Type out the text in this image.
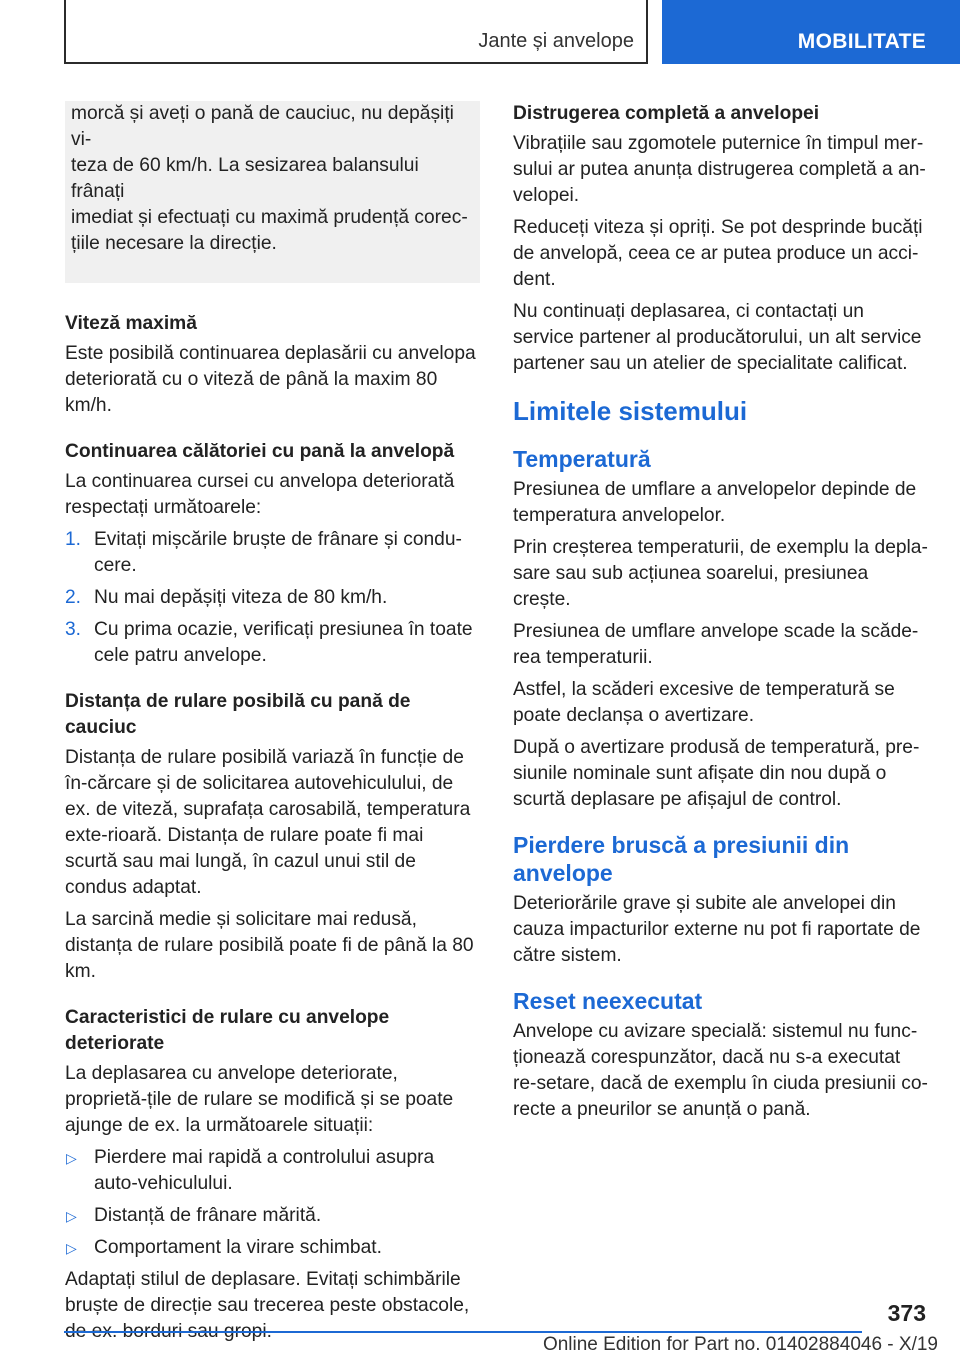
Jante și anvelope	MOBILITATE

morcă și aveți o pană de cauciuc, nu depășiți vi-

teza de 60 km/h. La sesizarea balansului frânați

imediat și efectuați cu maximă prudență corec-

țiile necesare la direcție.

Viteză maximă

Este posibilă continuarea deplasării cu anvelopa deteriorată cu o viteză de până la maxim 80 km/h.

Continuarea călătoriei cu pană la anvelopă

La continuarea cursei cu anvelopa deteriorată respectați următoarele:

1. Evitați mișcările bruște de frânare și condu-cere.
2. Nu mai depășiți viteza de 80 km/h.
3. Cu prima ocazie, verificați presiunea în toate cele patru anvelope.
Distanța de rulare posibilă cu pană de cauciuc

Distanța de rulare posibilă variază în funcție de în-cărcare și de solicitarea autovehiculului, de ex. de viteză, suprafața carosabilă, temperatura exte-rioară. Distanța de rulare poate fi mai scurtă sau mai lungă, în cazul unui stil de condus adaptat.

La sarcină medie și solicitare mai redusă, distanța de rulare posibilă poate fi de până la 80 km.

Caracteristici de rulare cu anvelope deteriorate

La deplasarea cu anvelope deteriorate, proprietă-țile de rulare se modifică și se poate ajunge de ex. la următoarele situații:

▷ Pierdere mai rapidă a controlului asupra auto-vehiculului.
▷ Distanță de frânare mărită.
▷ Comportament la virare schimbat.

Adaptați stilul de deplasare. Evitați schimbările bruște de direcție sau trecerea peste obstacole, de ex. borduri sau gropi.

Distrugerea completă a anvelopei

Vibrațiile sau zgomotele puternice în timpul mer-sului ar putea anunța distrugerea completă a an-velopei.

Reduceți viteza și opriți. Se pot desprinde bucăți de anvelopă, ceea ce ar putea produce un acci-dent.

Nu continuați deplasarea, ci contactați un service partener al producătorului, un alt service partener sau un atelier de specialitate calificat.

Limitele sistemului
Temperatură

Presiunea de umflare a anvelopelor depinde de temperatura anvelopelor.

Prin creșterea temperaturii, de exemplu la depla-sare sau sub acțiunea soarelui, presiunea crește.

Presiunea de umflare anvelope scade la scăde-rea temperaturii.

Astfel, la scăderi excesive de temperatură se poate declanșa o avertizare.

După o avertizare produsă de temperatură, pre-siunile nominale sunt afișate din nou după o scurtă deplasare pe afișajul de control.

Pierdere bruscă a presiunii din anvelope

Deteriorările grave și subite ale anvelopei din cauza impacturilor externe nu pot fi raportate de către sistem.

Reset neexecutat

Anvelope cu avizare specială: sistemul nu func-ționează corespunzător, dacă nu s-a executat re-setare, dacă de exemplu în ciuda presiunii co-recte a pneurilor se anunță o pană.

373
Online Edition for Part no. 01402884046 - X/19
